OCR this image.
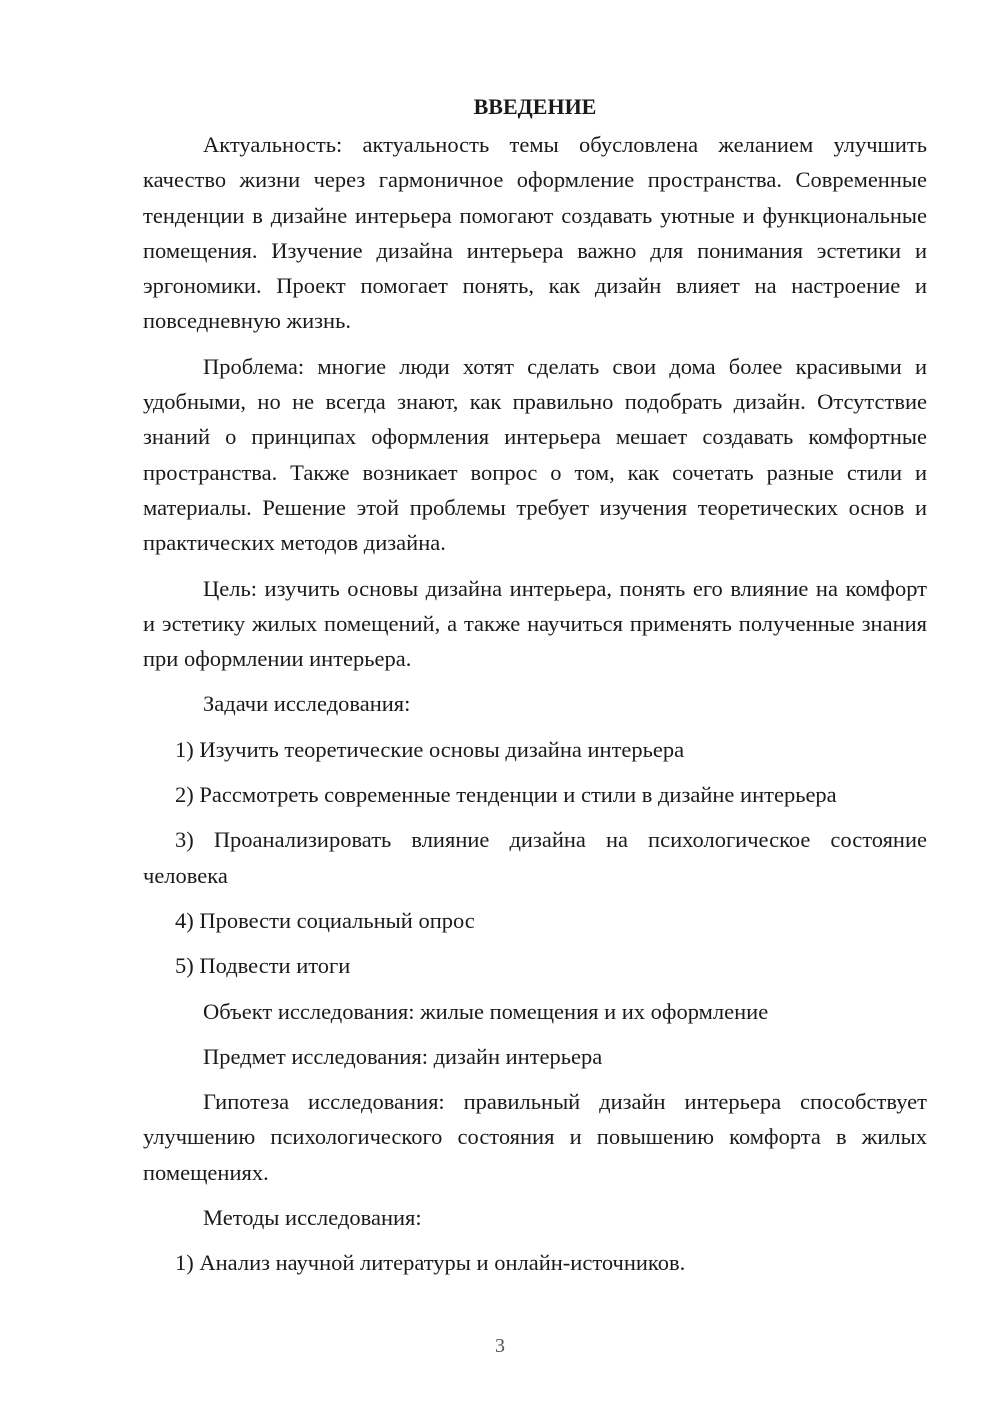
ВВЕДЕНИЕ

Актуальность: актуальность темы обусловлена желанием улучшить качество жизни через гармоничное оформление пространства. Современные тенденции в дизайне интерьера помогают создавать уютные и функциональные помещения. Изучение дизайна интерьера важно для понимания эстетики и эргономики. Проект помогает понять, как дизайн влияет на настроение и повседневную жизнь.

Проблема: многие люди хотят сделать свои дома более красивыми и удобными, но не всегда знают, как правильно подобрать дизайн. Отсутствие знаний о принципах оформления интерьера мешает создавать комфортные пространства. Также возникает вопрос о том, как сочетать разные стили и материалы. Решение этой проблемы требует изучения теоретических основ и практических методов дизайна.

Цель: изучить основы дизайна интерьера, понять его влияние на комфорт и эстетику жилых помещений, а также научиться применять полученные знания при оформлении интерьера.

Задачи исследования:

1) Изучить теоретические основы дизайна интерьера

2) Рассмотреть современные тенденции и стили в дизайне интерьера

3) Проанализировать влияние дизайна на психологическое состояние человека

4) Провести социальный опрос

5) Подвести итоги

Объект исследования: жилые помещения и их оформление

Предмет исследования: дизайн интерьера

Гипотеза исследования: правильный дизайн интерьера способствует улучшению психологического состояния и повышению комфорта в жилых помещениях.

Методы исследования:

1) Анализ научной литературы и онлайн-источников.

3
